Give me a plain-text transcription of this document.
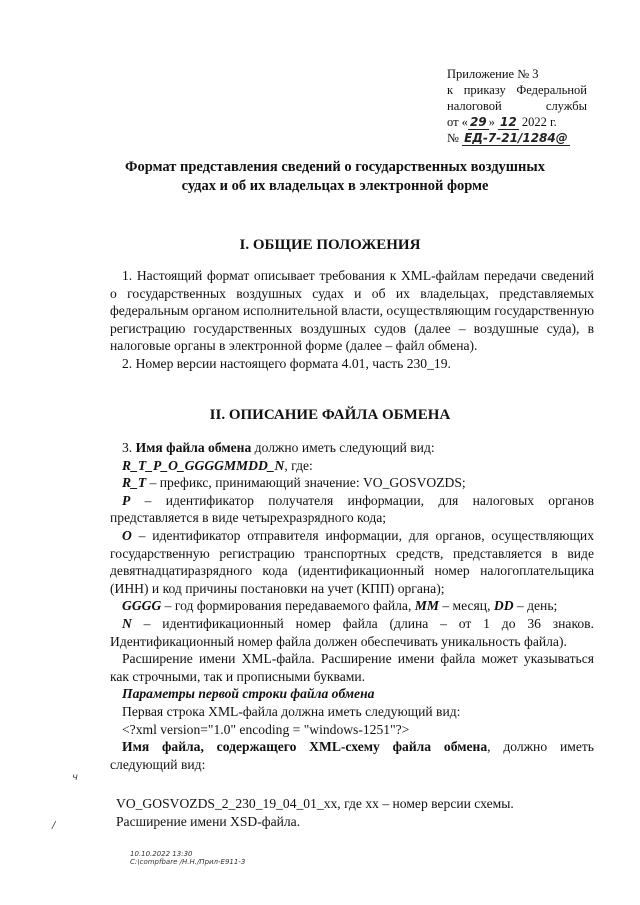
Приложение № 3
к приказу Федеральной
налоговой	службы
от « 29 » 12 2022 г.
№ ЕД-7-21/1284@
Формат представления сведений о государственных воздушных
судах и об их владельцах в электронной форме
I. ОБЩИЕ ПОЛОЖЕНИЯ

1. Настоящий формат описывает требования к XML-файлам передачи сведений о государственных воздушных судах и об их владельцах, представляемых федеральным органом исполнительной власти, осуществляющим государственную регистрацию государственных воздушных судов (далее – воздушные суда), в налоговые органы в электронной форме (далее – файл обмена).

2. Номер версии настоящего формата 4.01, часть 230_19.

II. ОПИСАНИЕ ФАЙЛА ОБМЕНА

3. Имя файла обмена должно иметь следующий вид:

R_T_P_O_GGGGMMDD_N, где:

R_T – префикс, принимающий значение: VO_GOSVOZDS;

P – идентификатор получателя информации, для налоговых органов представляется в виде четырехразрядного кода;

O – идентификатор отправителя информации, для органов, осуществляющих государственную регистрацию транспортных средств, представляется в виде девятнадцатиразрядного кода (идентификационный номер налогоплательщика (ИНН) и код причины постановки на учет (КПП) органа);

GGGG – год формирования передаваемого файла, MM – месяц, DD – день;

N – идентификационный номер файла (длина – от 1 до 36 знаков. Идентификационный номер файла должен обеспечивать уникальность файла).

Расширение имени XML-файла. Расширение имени файла может указываться как строчными, так и прописными буквами.

Параметры первой строки файла обмена

Первая строка XML-файла должна иметь следующий вид:

<?xml version="1.0" encoding = "windows-1251"?>

Имя файла, содержащего XML-схему файла обмена, должно иметь следующий вид:

VO_GOSVOZDS_2_230_19_04_01_xx, где хх – номер версии схемы.
Расширение имени XSD-файла.
10.10.2022 13:30
C:\compfbare /Н.Н./Прил-Е911-3
ч
/
